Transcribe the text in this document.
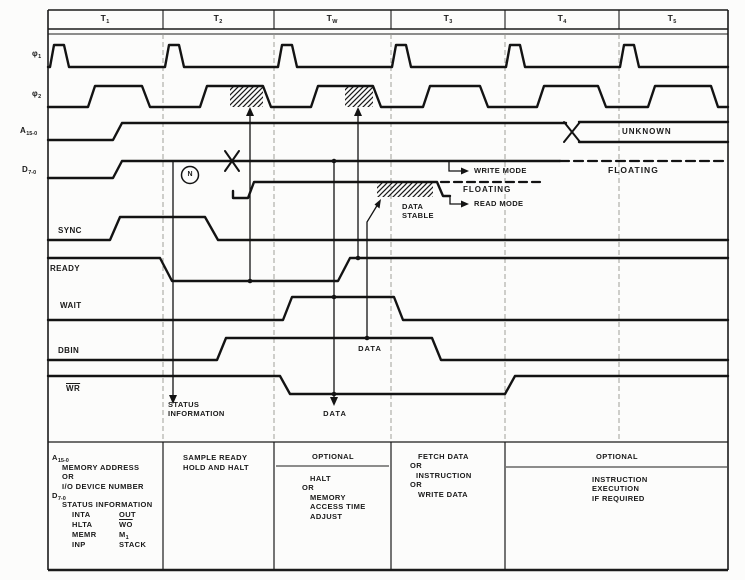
$T_1$	$T_2$	$T_W$	$T_3$	$T_4$	$T_5$
$\varphi_1$
$\varphi_2$
$A_{15-0}$
$D_{7-0}$
SYNC
READY
WAIT
DBIN
$\overline{WR}$
N
UNKNOWN
FLOATING
WRITE MODE
FLOATING
READ MODE
DATA
STABLE
DATA
DATA
STATUS
INFORMATION
$A_{15-0}$
MEMORY ADDRESS
OR
I/O DEVICE NUMBER
$D_{7-0}$
STATUS INFORMATION
INTA	OUT
HLTA	$\overline{WO}$
MEMR	$M_1$
INP	STACK
SAMPLE READY
HOLD AND HALT
OPTIONAL
HALT
OR
MEMORY
ACCESS TIME
ADJUST
FETCH DATA
OR
INSTRUCTION
OR
WRITE DATA
OPTIONAL
INSTRUCTION
EXECUTION
IF REQUIRED
